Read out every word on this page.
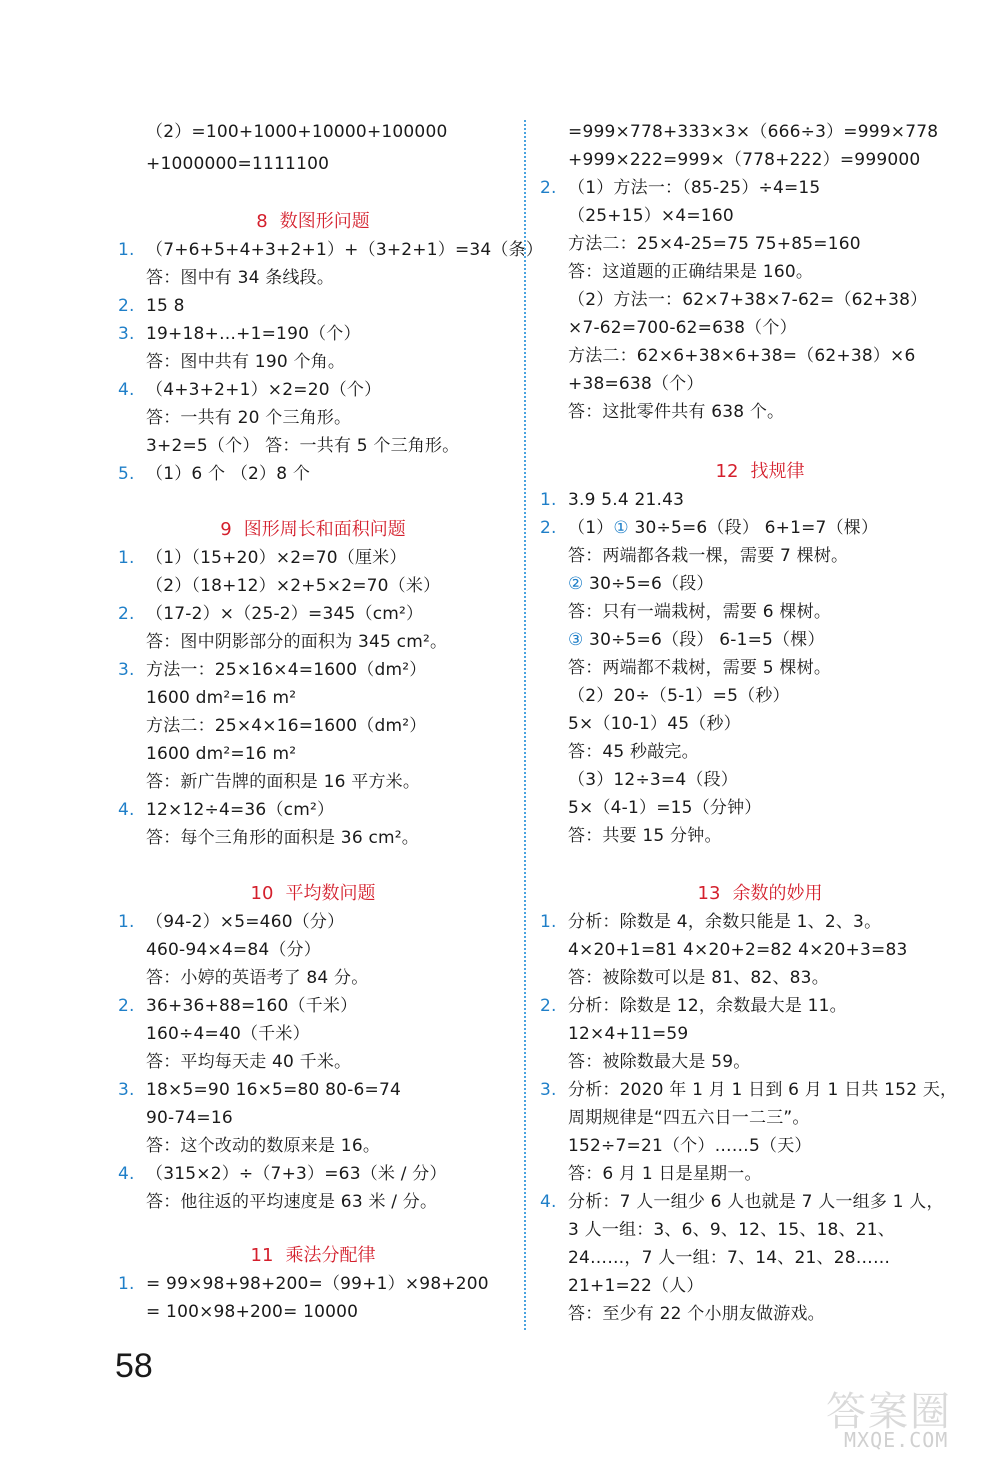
（2）=100+1000+10000+100000
+1000000=1111100
8 数图形问题
1. （7+6+5+4+3+2+1）+（3+2+1）=34（条）
答：图中有 34 条线段。
2. 15 8
3. 19+18+…+1=190（个）
答：图中共有 190 个角。
4. （4+3+2+1）×2=20（个）
答：一共有 20 个三角形。
3+2=5（个） 答：一共有 5 个三角形。
5. （1）6 个 （2）8 个
9 图形周长和面积问题
1. （1）（15+20）×2=70（厘米）
（2）（18+12）×2+5×2=70（米）
2. （17-2）×（25-2）=345（cm²）
答：图中阴影部分的面积为 345 cm²。
3. 方法一：25×16×4=1600（dm²）
1600 dm²=16 m²
方法二：25×4×16=1600（dm²）
1600 dm²=16 m²
答：新广告牌的面积是 16 平方米。
4. 12×12÷4=36（cm²）
答：每个三角形的面积是 36 cm²。
10 平均数问题
1. （94-2）×5=460（分）
460-94×4=84（分）
答：小婷的英语考了 84 分。
2. 36+36+88=160（千米）
160÷4=40（千米）
答：平均每天走 40 千米。
3. 18×5=90 16×5=80 80-6=74
90-74=16
答：这个改动的数原来是 16。
4. （315×2）÷（7+3）=63（米 / 分）
答：他往返的平均速度是 63 米 / 分。
11 乘法分配律
1. = 99×98+98+200=（99+1）×98+200
= 100×98+200= 10000
=999×778+333×3×（666÷3）=999×778
+999×222=999×（778+222）=999000
2. （1）方法一：（85-25）÷4=15
（25+15）×4=160
方法二：25×4-25=75 75+85=160
答：这道题的正确结果是 160。
（2）方法一：62×7+38×7-62=（62+38）
×7-62=700-62=638（个）
方法二：62×6+38×6+38=（62+38）×6
+38=638（个）
答：这批零件共有 638 个。
12 找规律
1. 3.9 5.4 21.43
2. （1）① 30÷5=6（段） 6+1=7（棵）
答：两端都各栽一棵，需要 7 棵树。
② 30÷5=6（段）
答：只有一端栽树，需要 6 棵树。
③ 30÷5=6（段） 6-1=5（棵）
答：两端都不栽树，需要 5 棵树。
（2）20÷（5-1）=5（秒）
5×（10-1）45（秒）
答：45 秒敲完。
（3）12÷3=4（段）
5×（4-1）=15（分钟）
答：共要 15 分钟。
13 余数的妙用
1. 分析：除数是 4，余数只能是 1、2、3。
4×20+1=81 4×20+2=82 4×20+3=83
答：被除数可以是 81、82、83。
2. 分析：除数是 12，余数最大是 11。
12×4+11=59
答：被除数最大是 59。
3. 分析：2020 年 1 月 1 日到 6 月 1 日共 152 天，
周期规律是“四五六日一二三”。
152÷7=21（个）……5（天）
答：6 月 1 日是星期一。
4. 分析：7 人一组少 6 人也就是 7 人一组多 1 人，
3 人一组：3、6、9、12、15、18、21、
24……，7 人一组：7、14、21、28……
21+1=22（人）
答：至少有 22 个小朋友做游戏。
58
答案圈
MXQE.COM
